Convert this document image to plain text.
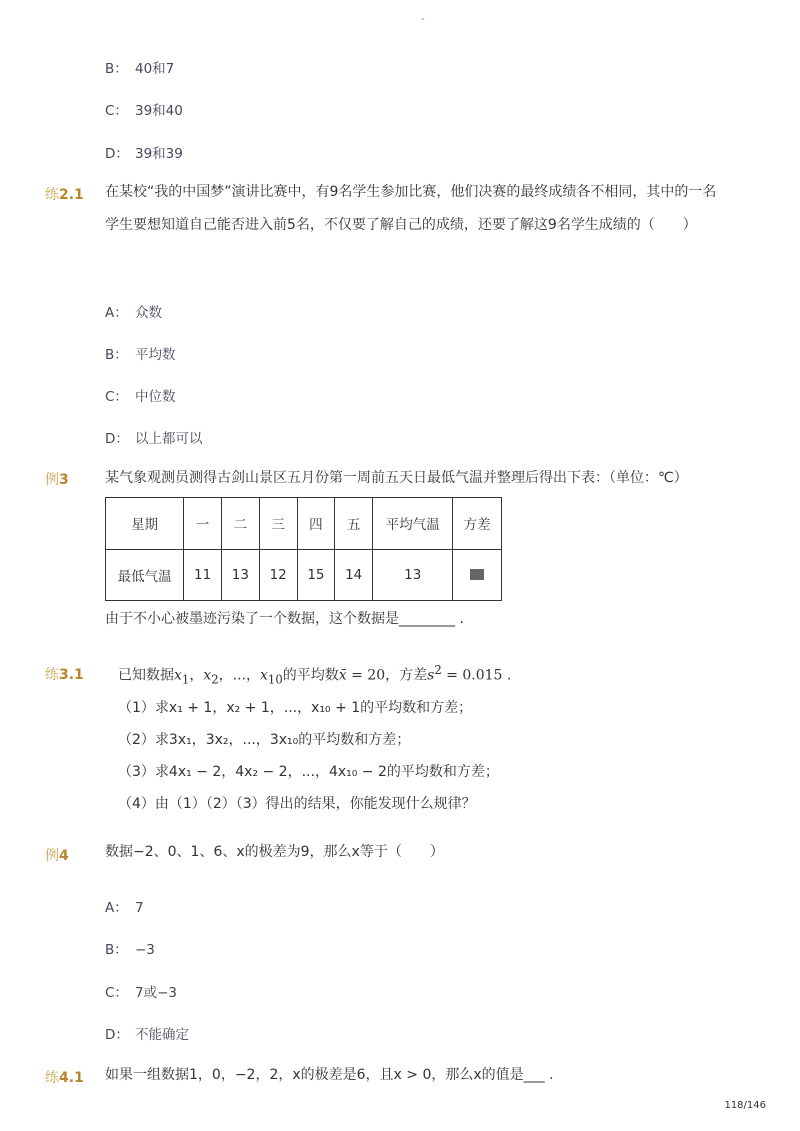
-
B： 40和7
C： 39和40
D： 39和39
练2.1 在某校“我的中国梦”演讲比赛中，有9名学生参加比赛，他们决赛的最终成绩各不相同，其中的一名学生要想知道自己能否进入前5名，不仅要了解自己的成绩，还要了解这9名学生成绩的（　　）
A： 众数
B： 平均数
C： 中位数
D： 以上都可以
例3	某气象观测员测得古剑山景区五月份第一周前五天日最低气温并整理后得出下表：（单位：℃）
星期	一	二	三	四	五	平均气温	方差
最低气温	11	13	12	15	14	13	
由于不小心被墨迹污染了一个数据，这个数据是________ .
练3.1 已知数据$x_1$，$x_2$，...，$x_{10}$的平均数x̄ = 20，方差$s^2 = 0.015$ .
（1）求x₁ + 1，x₂ + 1，...，x₁₀ + 1的平均数和方差；
（2）求3x₁，3x₂，...，3x₁₀的平均数和方差；
（3）求4x₁ − 2，4x₂ − 2，...，4x₁₀ − 2的平均数和方差；
（4）由（1）（2）（3）得出的结果，你能发现什么规律？
例4	数据−2、0、1、6、x的极差为9，那么x等于（　　）
A： 7
B： −3
C： 7或−3
D： 不能确定
练4.1 如果一组数据1，0，−2，2，x的极差是6，且x > 0，那么x的值是___ .
118/146
